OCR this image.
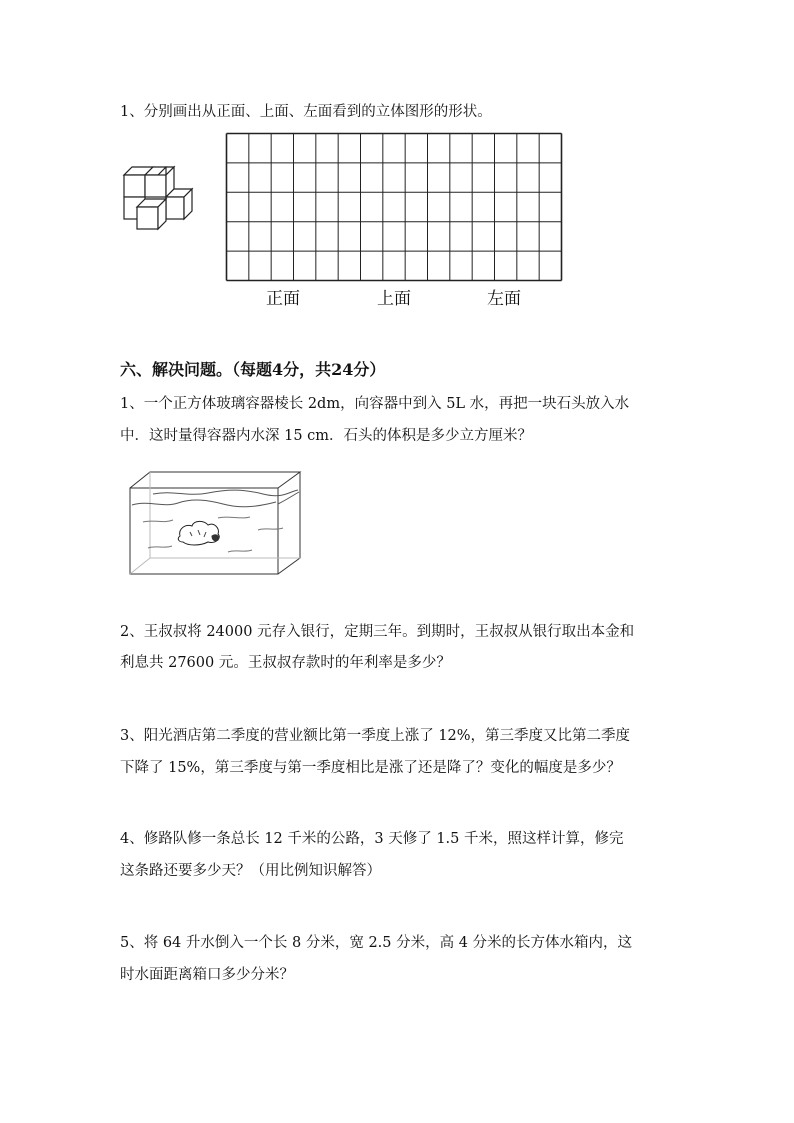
1、分别画出从正面、上面、左面看到的立体图形的形状。
正面	上面	左面
六、解决问题。（每题4分，共24分）
1、一个正方体玻璃容器棱长 2dm，向容器中到入 5L 水，再把一块石头放入水
中．这时量得容器内水深 15 cm．石头的体积是多少立方厘米？
2、王叔叔将 24000 元存入银行，定期三年。到期时，王叔叔从银行取出本金和
利息共 27600 元。王叔叔存款时的年利率是多少？
3、阳光酒店第二季度的营业额比第一季度上涨了 12%，第三季度又比第二季度
下降了 15%，第三季度与第一季度相比是涨了还是降了？变化的幅度是多少？
4、修路队修一条总长 12 千米的公路，3 天修了 1.5 千米，照这样计算，修完
这条路还要多少天？（用比例知识解答）
5、将 64 升水倒入一个长 8 分米，宽 2.5 分米，高 4 分米的长方体水箱内，这
时水面距离箱口多少分米？
